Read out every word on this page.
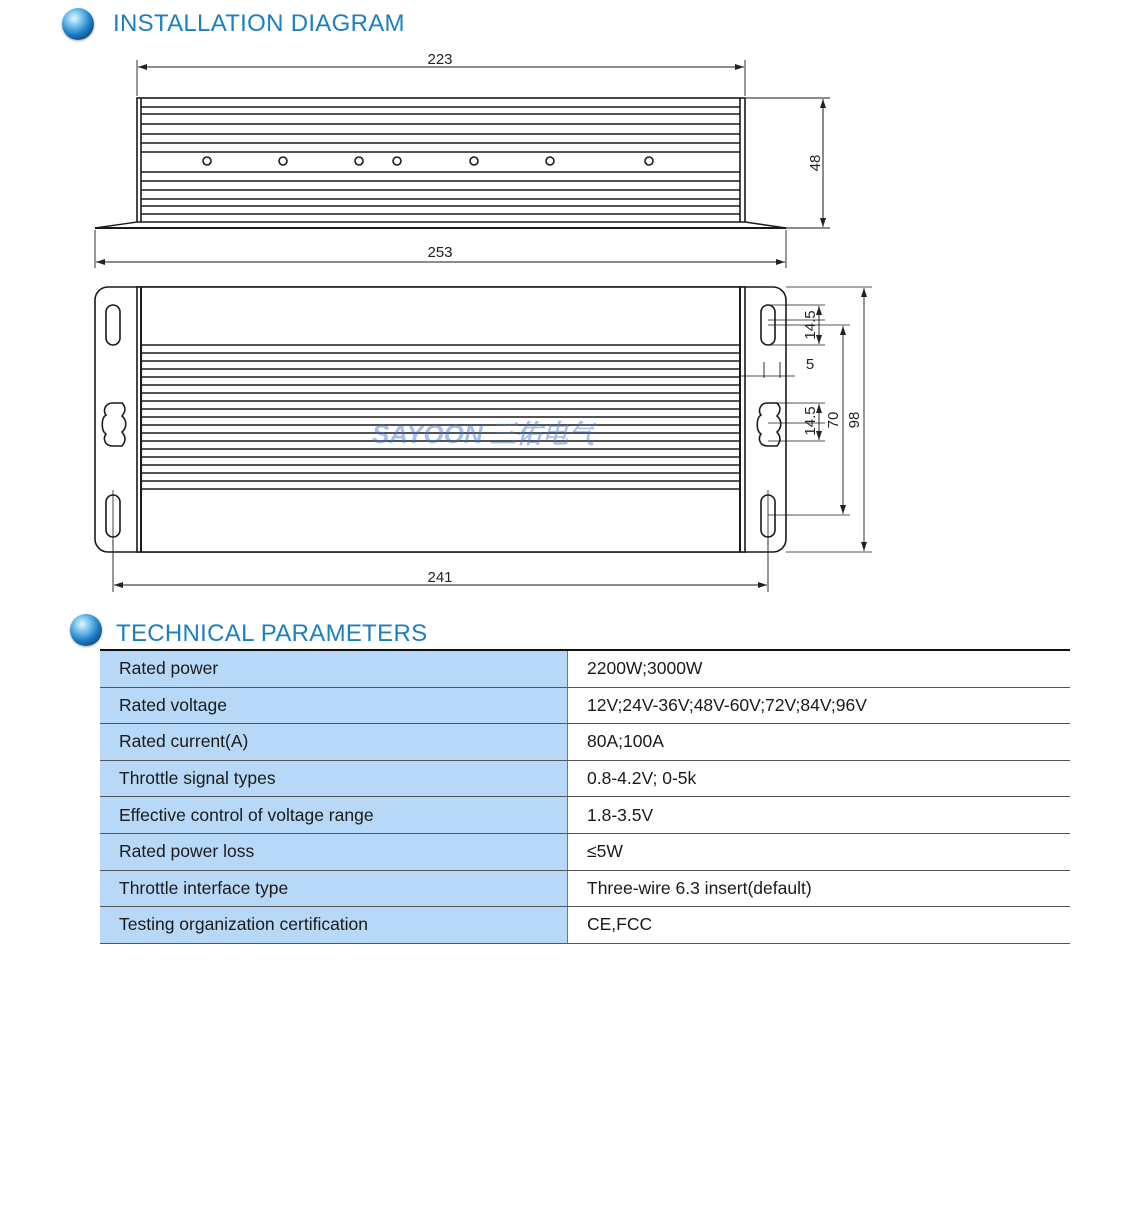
INSTALLATION DIAGRAM
223
253
48
SAYOON 三佑电气
241
14.5
5
14.5 70 98
TECHNICAL PARAMETERS
Rated power	2200W;3000W
Rated voltage	12V;24V-36V;48V-60V;72V;84V;96V
Rated current(A)	80A;100A
Throttle signal types	0.8-4.2V; 0-5k
Effective control of voltage range	1.8-3.5V
Rated power loss	≤5W
Throttle interface type	Three-wire 6.3 insert(default)
Testing organization certification	CE,FCC
